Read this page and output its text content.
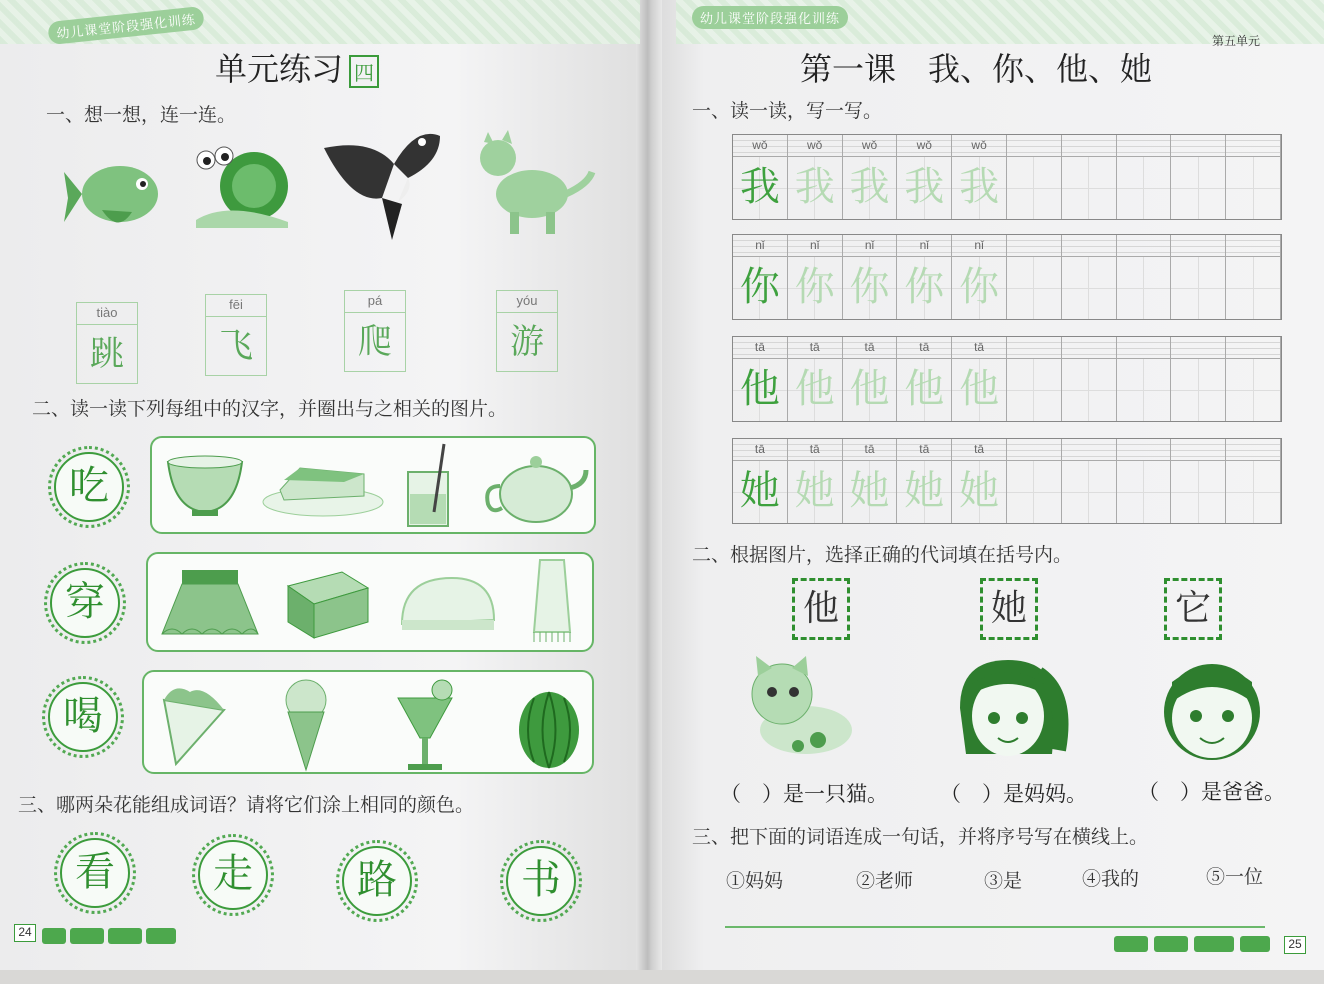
幼儿课堂阶段强化训练
单元练习 四
一、想一想，连一连。
tiào
跳
fēi
飞
pá
爬
yóu
游
二、读一读下列每组中的汉字，并圈出与之相关的图片。
吃
穿
喝
三、哪两朵花能组成词语？请将它们涂上相同的颜色。
看	走	路	书
24
幼儿课堂阶段强化训练
第五单元
第一课　我、你、他、她
一、读一读，写一写。
wǒ	wǒ	wǒ	wǒ	wǒ
我 我 我 我 我
nǐ	nǐ	nǐ	nǐ	nǐ
你 你 你 你 你
tā	tā	tā	tā	tā
他 他 他 他 他
tā	tā	tā	tā	tā
她 她 她 她 她
二、根据图片，选择正确的代词填在括号内。
他	她	它
（　）是一只猫。 （　）是妈妈。 （　）是爸爸。
三、把下面的词语连成一句话，并将序号写在横线上。
①妈妈	②老师	③是	④我的	⑤一位
25
